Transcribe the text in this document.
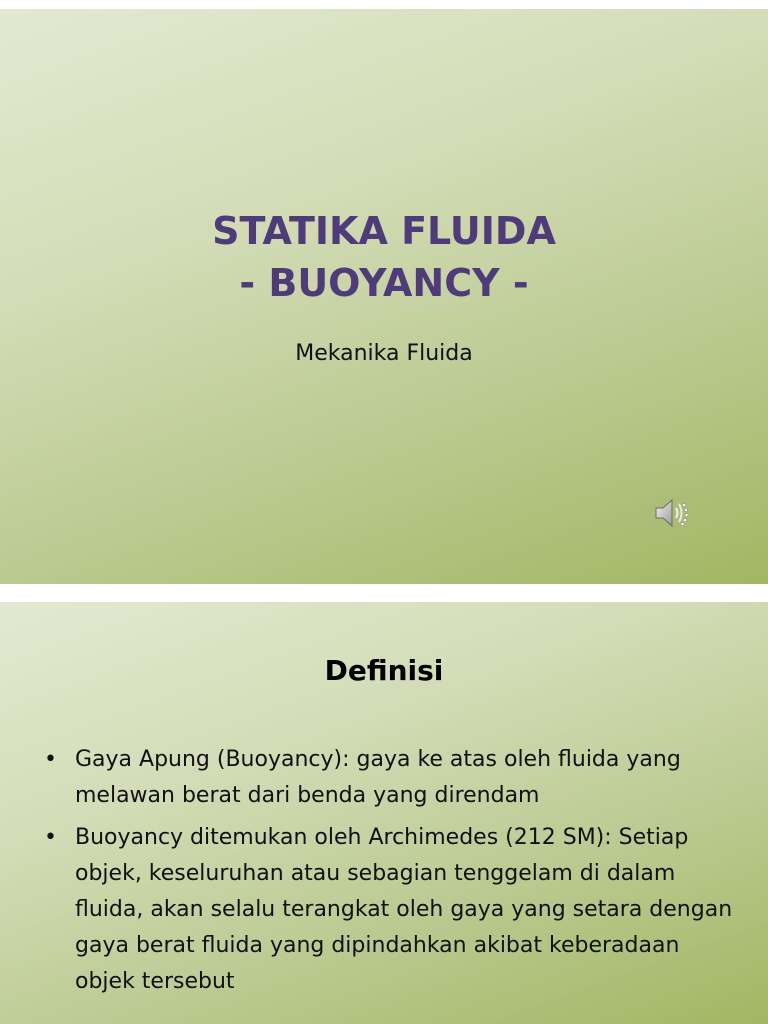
STATIKA FLUIDA
- BUOYANCY -
Mekanika Fluida
Definisi
• Gaya Apung (Buoyancy): gaya ke atas oleh fluida yang melawan berat dari benda yang direndam
• Buoyancy ditemukan oleh Archimedes (212 SM): Setiap objek, keseluruhan atau sebagian tenggelam di dalam fluida, akan selalu terangkat oleh gaya yang setara dengan gaya berat fluida yang dipindahkan akibat keberadaan objek tersebut
